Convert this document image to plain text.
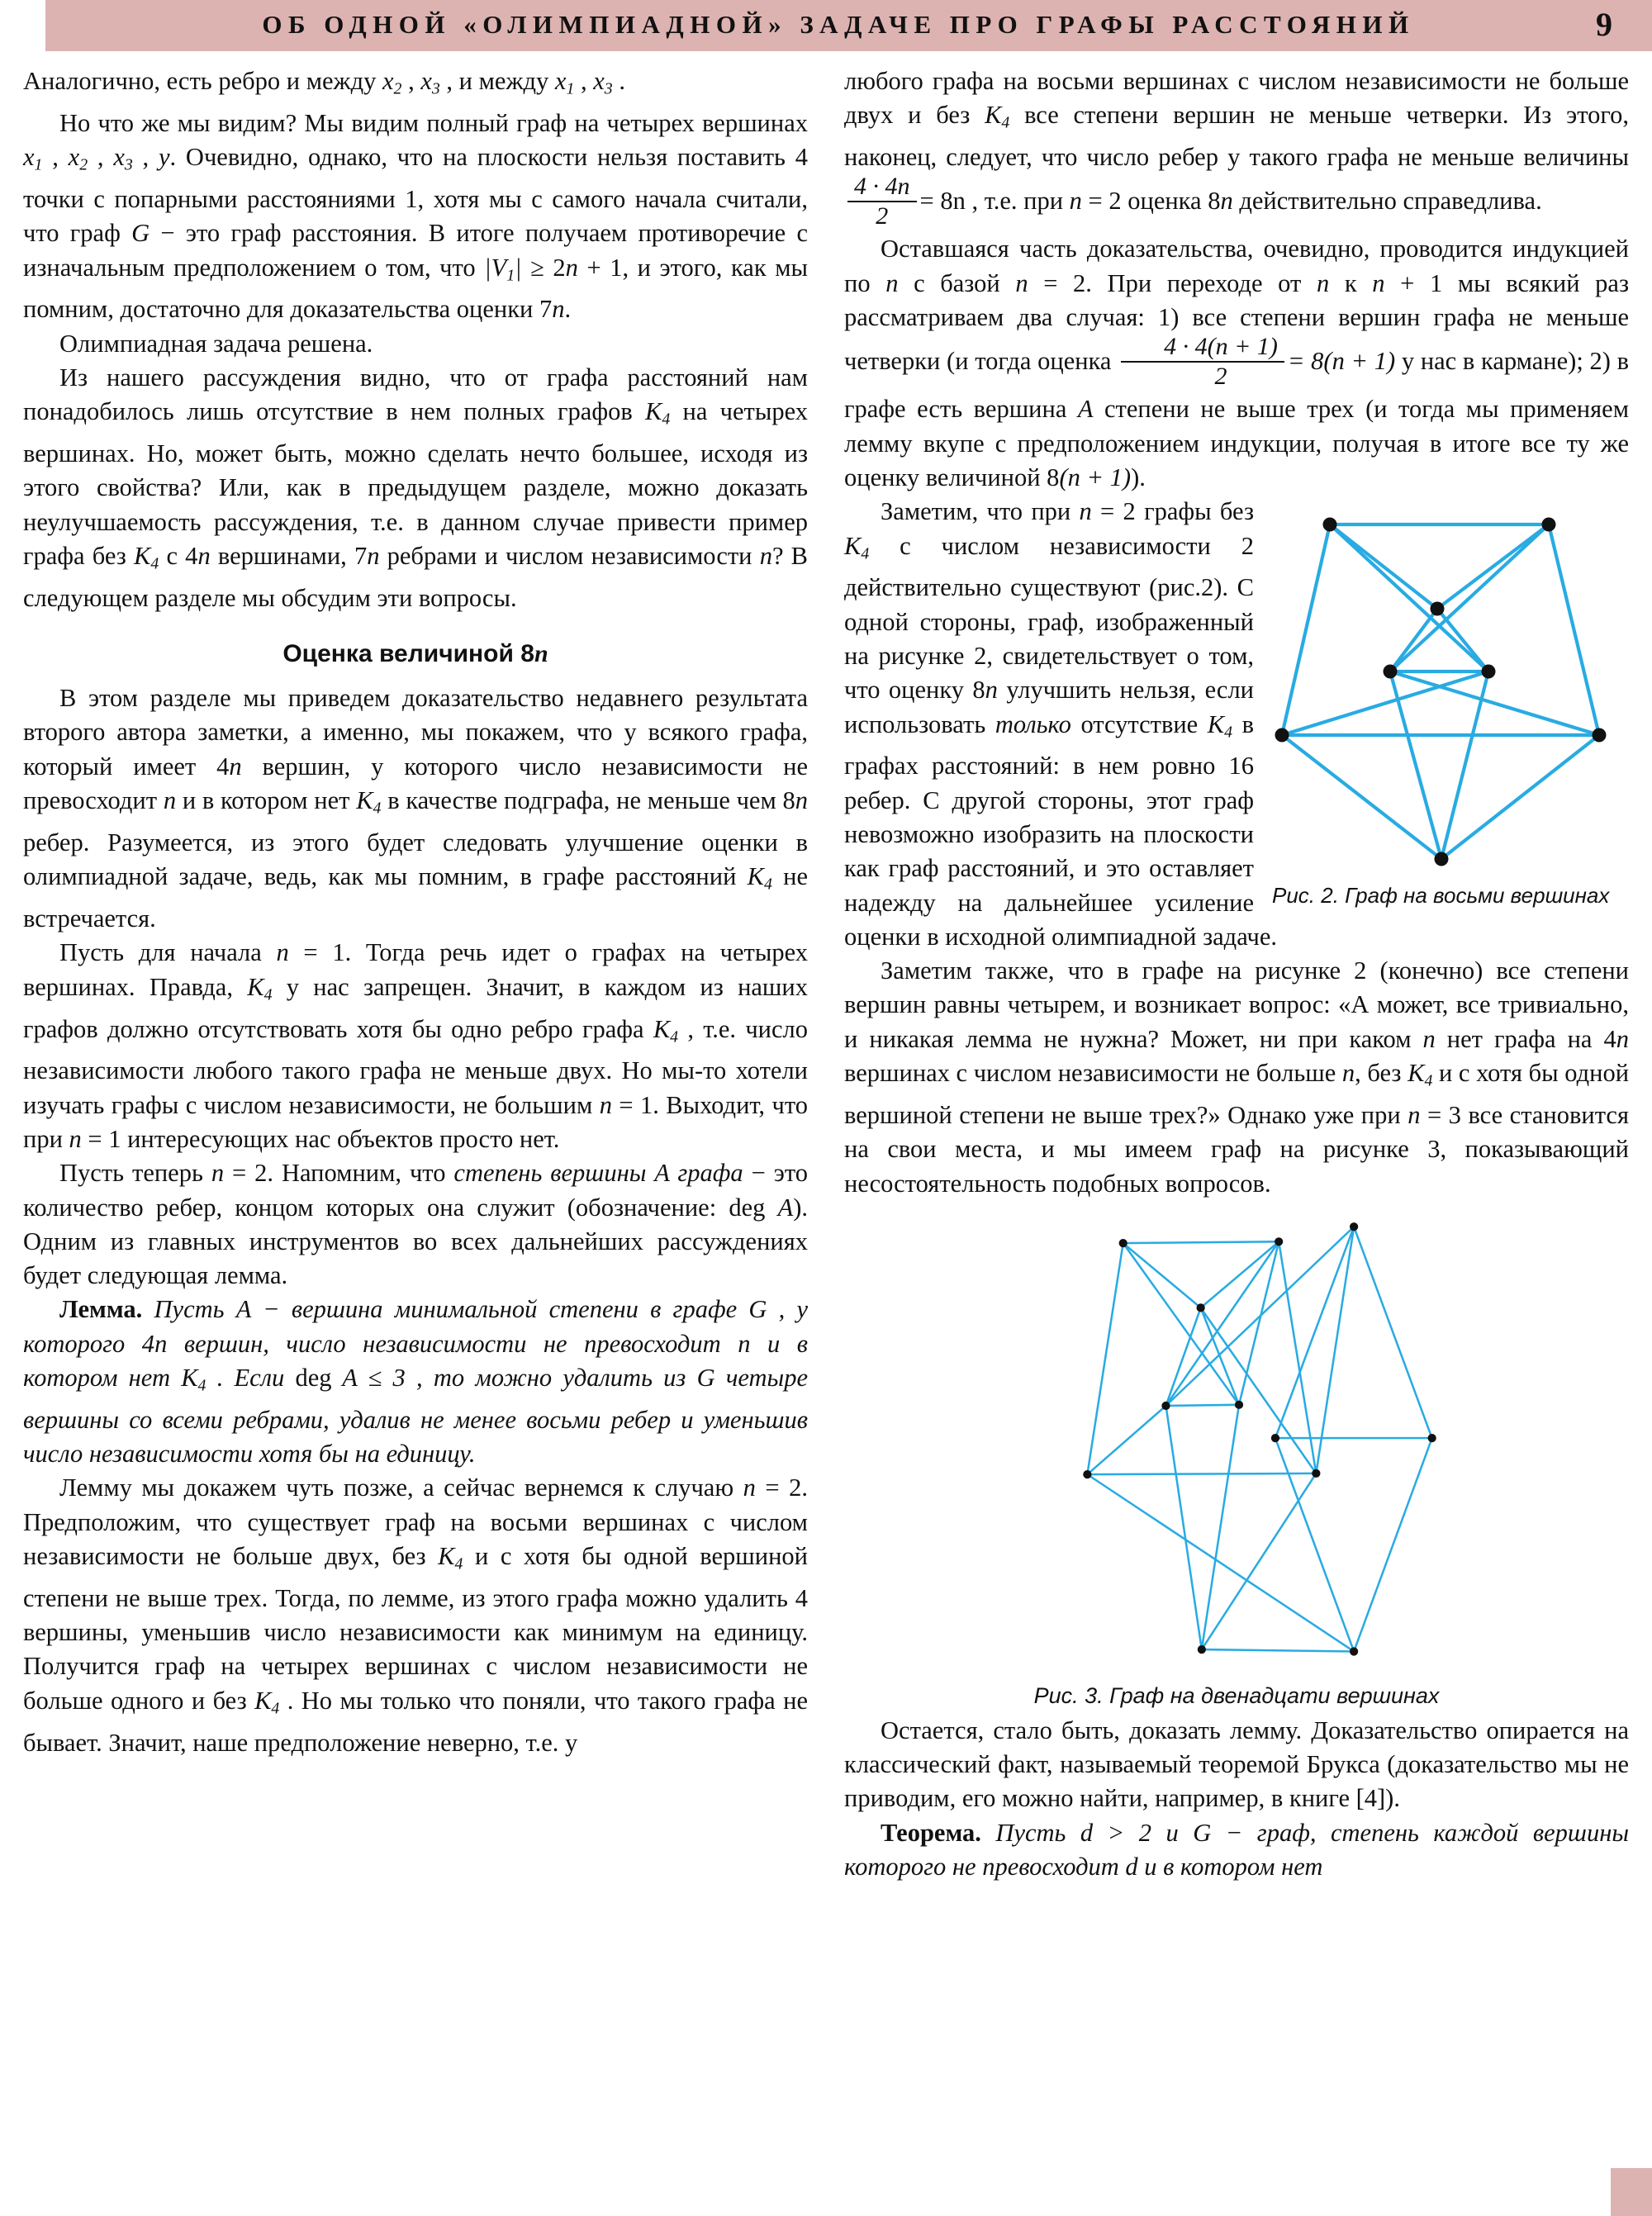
ОБ ОДНОЙ «ОЛИМПИАДНОЙ» ЗАДАЧЕ ПРО ГРАФЫ РАССТОЯНИЙ	9

Аналогично, есть ребро и между $x_2$ , $x_3$ , и между $x_1$ , $x_3$ .

Но что же мы видим? Мы видим полный граф на четырех вершинах $x_1$ , $x_2$ , $x_3$ , y. Очевидно, однако, что на плоскости нельзя поставить 4 точки с попарными расстояниями 1, хотя мы с самого начала считали, что граф G − это граф расстояния. В итоге получаем противоречие с изначальным предположением о том, что $|V_1| \ge 2n + 1$, и этого, как мы помним, достаточно для доказательства оценки 7n.

Олимпиадная задача решена.

Из нашего рассуждения видно, что от графа расстояний нам понадобилось лишь отсутствие в нем полных графов $K_4$ на четырех вершинах. Но, может быть, можно сделать нечто большее, исходя из этого свойства? Или, как в предыдущем разделе, можно доказать неулучшаемость рассуждения, т.е. в данном случае привести пример графа без $K_4$ с 4n вершинами, 7n ребрами и числом независимости n? В следующем разделе мы обсудим эти вопросы.

Оценка величиной 8n

В этом разделе мы приведем доказательство недавнего результата второго автора заметки, а именно, мы покажем, что у всякого графа, который имеет 4n вершин, у которого число независимости не превосходит n и в котором нет $K_4$ в качестве подграфа, не меньше чем 8n ребер. Разумеется, из этого будет следовать улучшение оценки в олимпиадной задаче, ведь, как мы помним, в графе расстояний $K_4$ не встречается.

Пусть для начала n = 1. Тогда речь идет о графах на четырех вершинах. Правда, $K_4$ у нас запрещен. Значит, в каждом из наших графов должно отсутствовать хотя бы одно ребро графа $K_4$ , т.е. число независимости любого такого графа не меньше двух. Но мы-то хотели изучать графы с числом независимости, не большим n = 1. Выходит, что при n = 1 интересующих нас объектов просто нет.

Пусть теперь n = 2. Напомним, что степень вершины A графа − это количество ребер, концом которых она служит (обозначение: deg A). Одним из главных инструментов во всех дальнейших рассуждениях будет следующая лемма.

Лемма. Пусть A − вершина минимальной степени в графе G , у которого 4n вершин, число независимости не превосходит n и в котором нет $K_4$ . Если deg A ≤ 3 , то можно удалить из G четыре вершины со всеми ребрами, удалив не менее восьми ребер и уменьшив число независимости хотя бы на единицу.

Лемму мы докажем чуть позже, а сейчас вернемся к случаю n = 2. Предположим, что существует граф на восьми вершинах с числом независимости не больше двух, без $K_4$ и с хотя бы одной вершиной степени не выше трех. Тогда, по лемме, из этого графа можно удалить 4 вершины, уменьшив число независимости как минимум на единицу. Получится граф на четырех вершинах с числом независимости не больше одного и без $K_4$ . Но мы только что поняли, что такого графа не бывает. Значит, наше предположение неверно, т.е. у

любого графа на восьми вершинах с числом независимости не больше двух и без $K_4$ все степени вершин не меньше четверки. Из этого, наконец, следует, что число ребер у такого графа не меньше величины
$\frac{4 \cdot 4n}{2} = 8n$ , т.е. при n = 2 оценка 8n действительно справедлива.

Оставшаяся часть доказательства, очевидно, проводится индукцией по n с базой n = 2. При переходе от n к n + 1 мы всякий раз рассматриваем два случая: 1) все степени вершин графа не меньше четверки (и тогда оценка $\frac{4 \cdot 4(n + 1)}{2} = 8(n + 1)$ у нас в кармане); 2) в графе есть вершина A степени не выше трех (и тогда мы применяем лемму вкупе с предположением индукции, получая в итоге все ту же оценку величиной 8(n + 1)).

Рис. 2. Граф на восьми вершинах

Заметим, что при n = 2 графы без $K_4$ с числом независимости 2 действительно существуют (рис.2). С одной стороны, граф, изображенный на рисунке 2, свидетельствует о том, что оценку 8n улучшить нельзя, если использовать только отсутствие $K_4$ в графах расстояний: в нем ровно 16 ребер. С другой стороны, этот граф невозможно изобразить на плоскости как граф расстояний, и это оставляет надежду на дальнейшее усиление оценки в исходной олимпиадной задаче.

Заметим также, что в графе на рисунке 2 (конечно) все степени вершин равны четырем, и возникает вопрос: «А может, все тривиально, и никакая лемма не нужна? Может, ни при каком n нет графа на 4n вершинах с числом независимости не больше n, без $K_4$ и с хотя бы одной вершиной степени не выше трех?» Однако уже при n = 3 все становится на свои места, и мы имеем граф на рисунке 3, показывающий несостоятельность подобных вопросов.

Рис. 3. Граф на двенадцати вершинах

Остается, стало быть, доказать лемму. Доказательство опирается на классический факт, называемый теоремой Брукса (доказательство мы не приводим, его можно найти, например, в книге [4]).

Теорема. Пусть d > 2 и G − граф, степень каждой вершины которого не превосходит d и в котором нет
